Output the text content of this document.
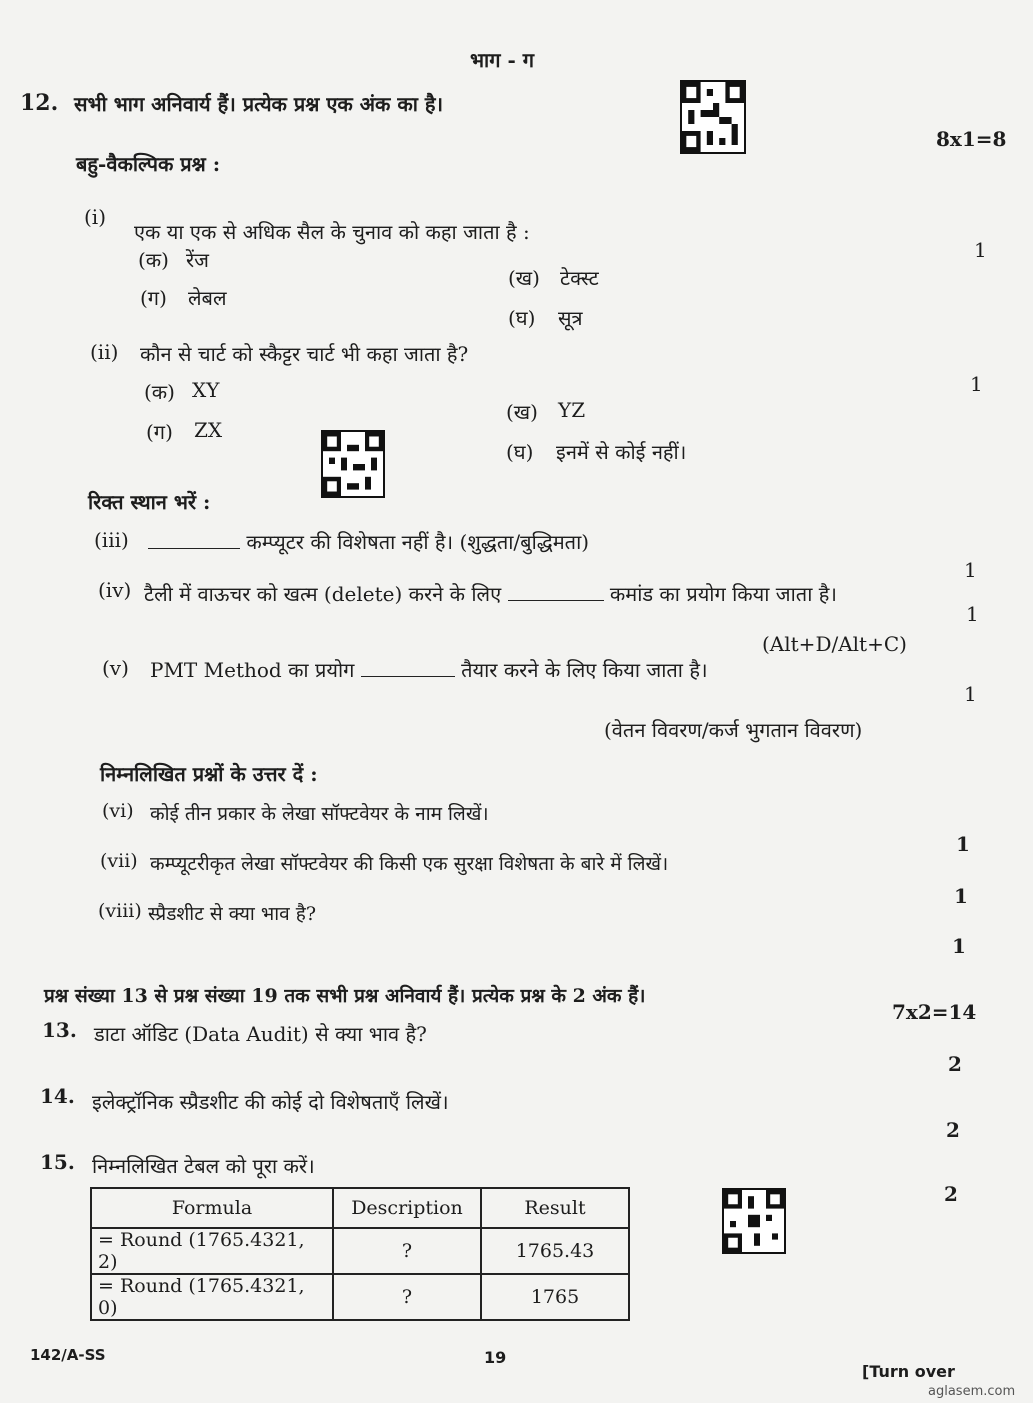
भाग - ग
12. सभी भाग अनिवार्य हैं। प्रत्येक प्रश्न एक अंक का है।
8x1=8
बहु-वैकल्पिक प्रश्न :
(i)
एक या एक से अधिक सैल के चुनाव को कहा जाता है :
1
(क) रेंज
(ख) टेक्स्ट
(ग) लेबल
(घ) सूत्र
(ii) कौन से चार्ट को स्कैट्टर चार्ट भी कहा जाता है?
1
(क) XY
(ख) YZ
(ग) ZX
(घ) इनमें से कोई नहीं।
रिक्त स्थान भरें :
(iii)	कम्प्यूटर की विशेषता नहीं है। (शुद्धता/बुद्धिमता)
1
(iv) टैली में वाऊचर को खत्म (delete) करने के लिए	कमांड का प्रयोग किया जाता है।
1
(Alt+D/Alt+C)
(v) PMT Method का प्रयोग	तैयार करने के लिए किया जाता है।
1
(वेतन विवरण/कर्ज भुगतान विवरण)
निम्नलिखित प्रश्नों के उत्तर दें :
(vi) कोई तीन प्रकार के लेखा सॉफ्टवेयर के नाम लिखें।
1
(vii) कम्प्यूटरीकृत लेखा सॉफ्टवेयर की किसी एक सुरक्षा विशेषता के बारे में लिखें।
1
(viii) स्प्रैडशीट से क्या भाव है?
1
प्रश्न संख्या 13 से प्रश्न संख्या 19 तक सभी प्रश्न अनिवार्य हैं। प्रत्येक प्रश्न के 2 अंक हैं।
7x2=14
13. डाटा ऑडिट (Data Audit) से क्या भाव है?
2
14. इलेक्ट्रॉनिक स्प्रैडशीट की कोई दो विशेषताएँ लिखें।
2
15. निम्नलिखित टेबल को पूरा करें।
2
Formula	Description	Result
= Round (1765.4321, 2)	?	1765.43
= Round (1765.4321, 0)	?	1765
142/A-SS	19
[Turn over
aglasem.com
